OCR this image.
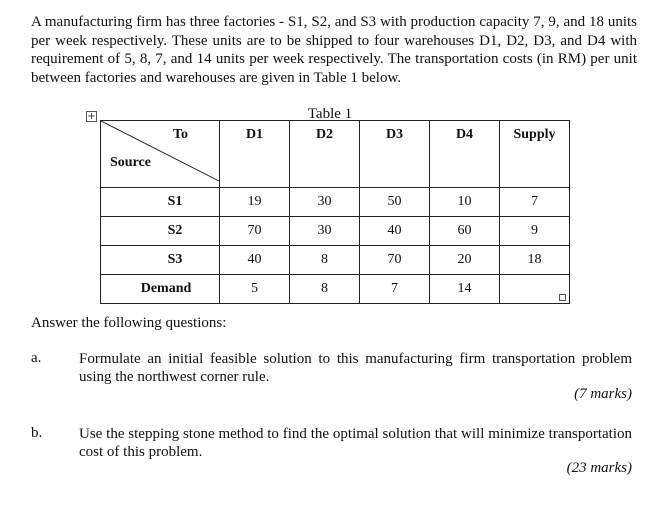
A manufacturing firm has three factories - S1, S2, and S3 with production capacity 7, 9, and 18 units per week respectively. These units are to be shipped to four warehouses D1, D2, D3, and D4 with requirement of 5, 8, 7, and 14 units per week respectively. The transportation costs (in RM) per unit between factories and warehouses are given in Table 1 below.
Table 1
+
To
Source	D1	D2	D3	D4	Supply
S1	19	30	50	10	7
S2	70	30	40	60	9
S3	40	8	70	20	18
Demand	5	8	7	14	
Answer the following questions:
a.	Formulate an initial feasible solution to this manufacturing firm transportation problem using the northwest corner rule.
(7 marks)
b. Use the stepping stone method to find the optimal solution that will minimize transportation cost of this problem.
(23 marks)
